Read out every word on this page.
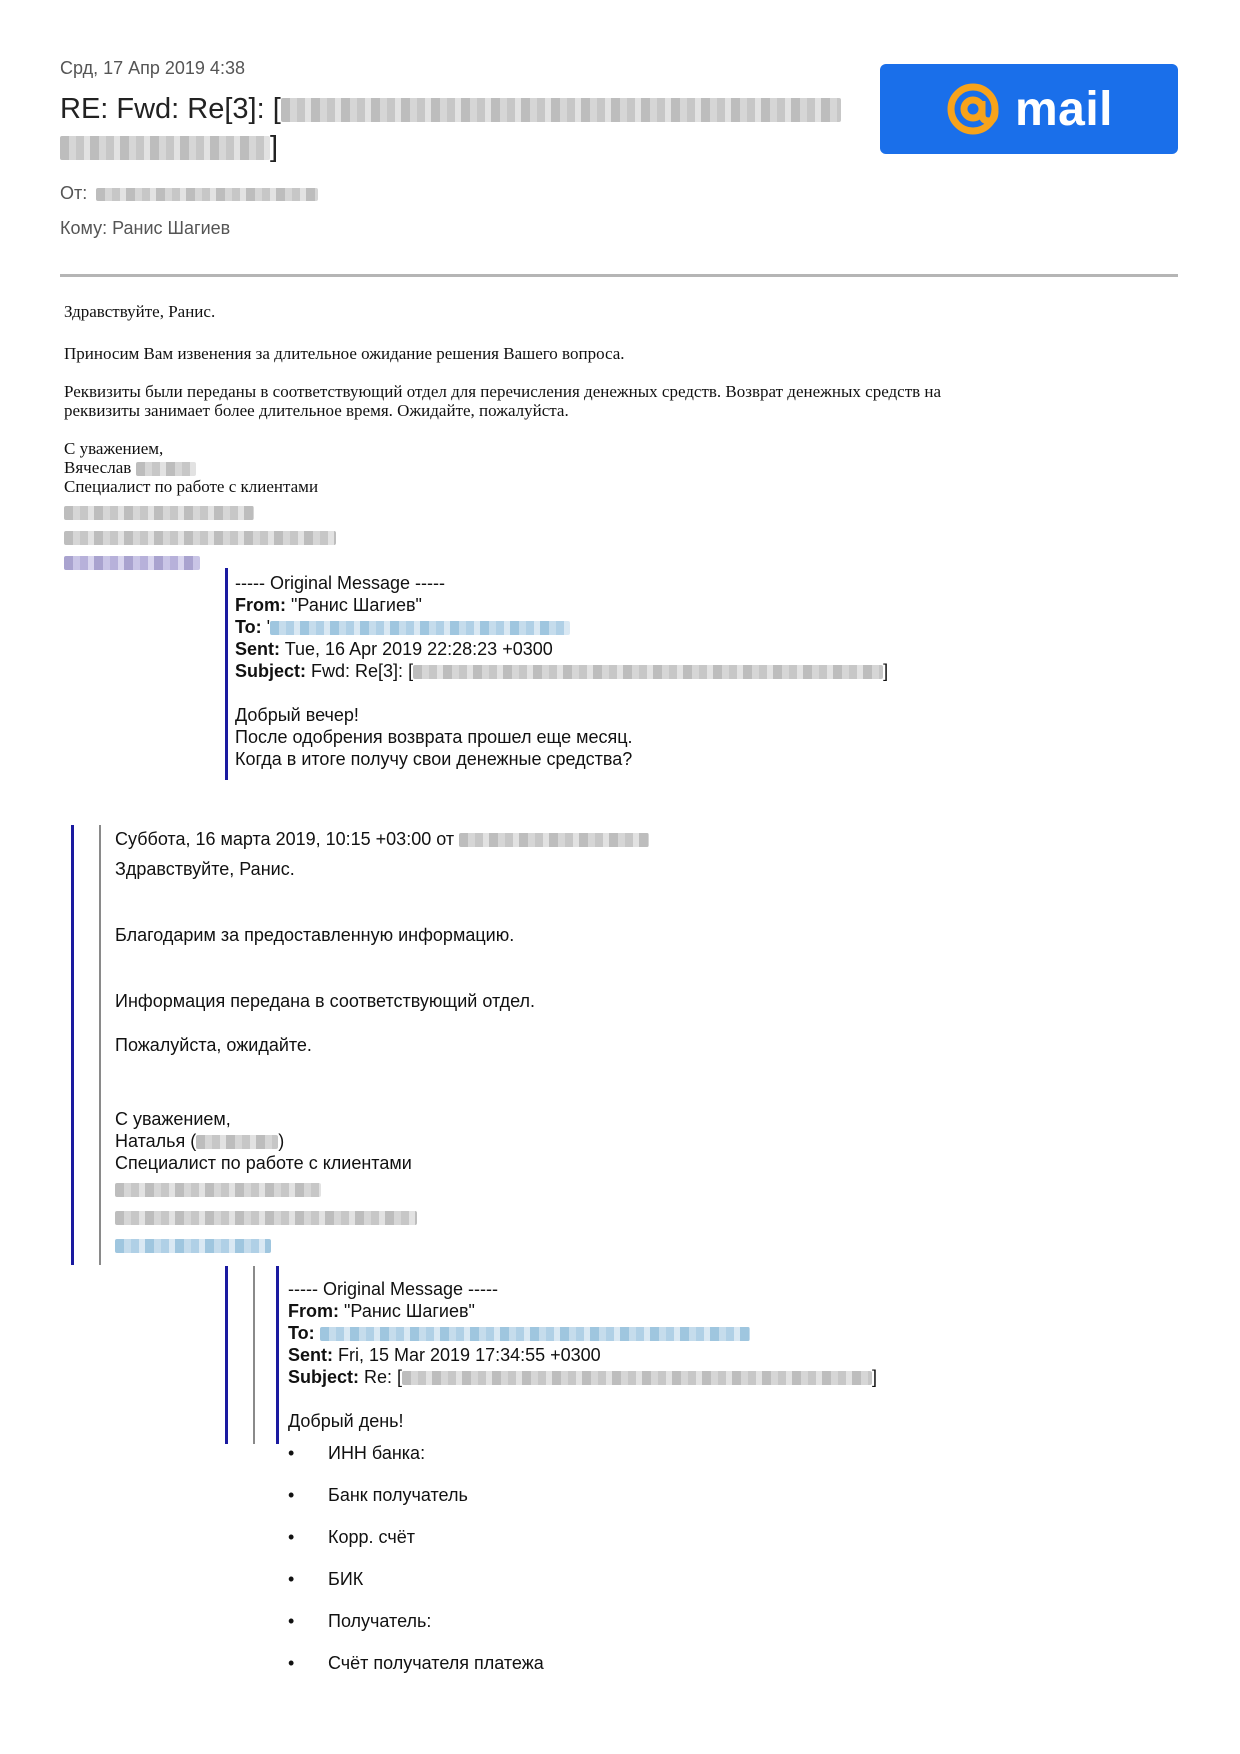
Срд, 17 Апр 2019 4:38
RE: Fwd: Re[3]: [
]
mail
От:
Кому: Ранис Шагиев
Здравствуйте, Ранис.
Приносим Вам извенения за длительное ожидание решения Вашего вопроса.
Реквизиты были переданы в соответствующий отдел для перечисления денежных средств. Возврат денежных средств на
реквизиты занимает более длительное время. Ожидайте, пожалуйста.
С уважением,
Вячеслав
Специалист по работе с клиентами
----- Original Message -----
From: "Ранис Шагиев"
To: '
Sent: Tue, 16 Apr 2019 22:28:23 +0300
Subject: Fwd: Re[3]: [	]
Добрый вечер!
После одобрения возврата прошел еще месяц.
Когда в итоге получу свои денежные средства?
Суббота, 16 марта 2019, 10:15 +03:00 от
Здравствуйте, Ранис.
Благодарим за предоставленную информацию.
Информация передана в соответствующий отдел.
Пожалуйста, ожидайте.
С уважением,
Наталья (	)
Специалист по работе с клиентами
----- Original Message -----
From: "Ранис Шагиев"
To:
Sent: Fri, 15 Mar 2019 17:34:55 +0300
Subject: Re: [	]
Добрый день!
• ИНН банка:
• Банк получатель
• Корр. счёт
• БИК
• Получатель:
• Счёт получателя платежа
